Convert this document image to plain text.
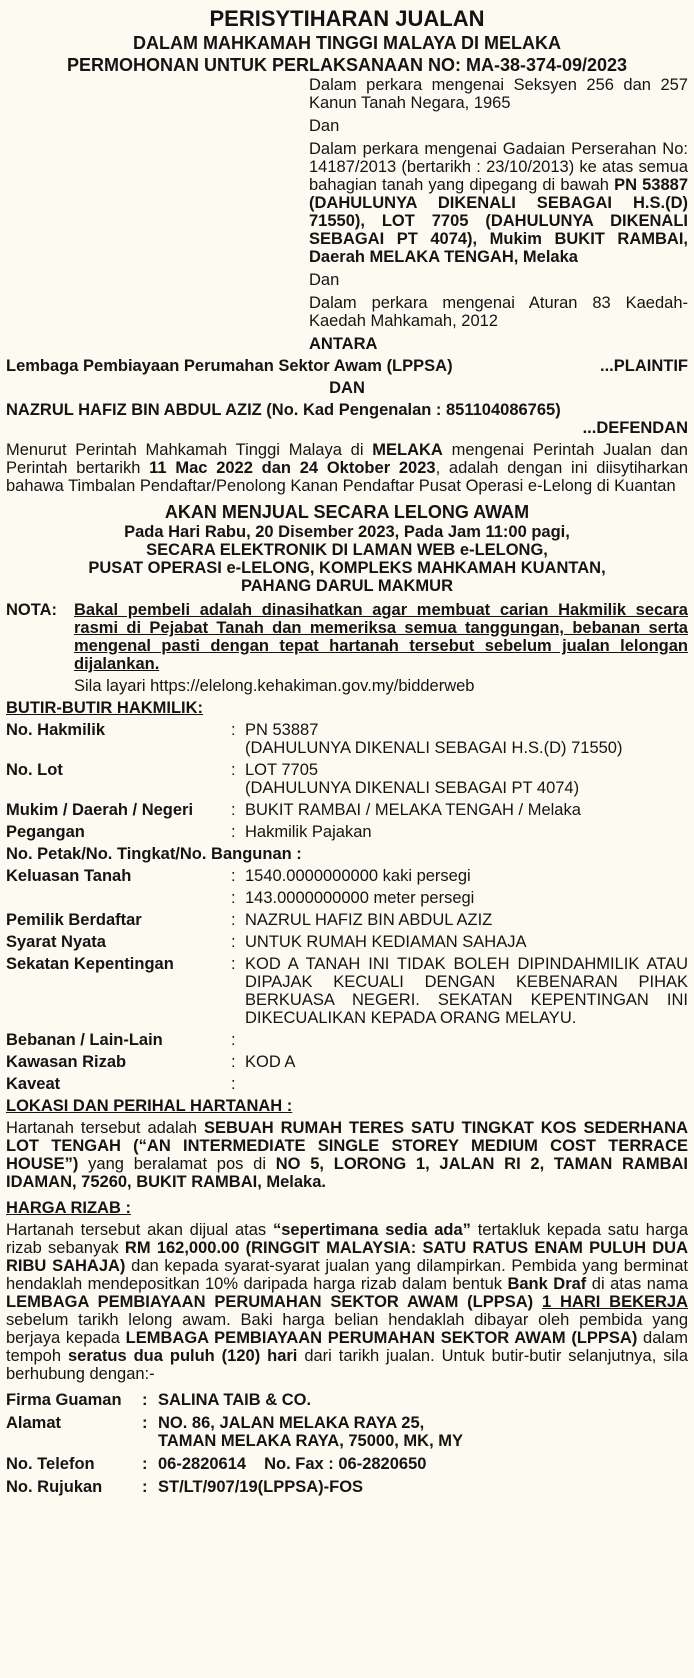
PERISYTIHARAN JUALAN
DALAM MAHKAMAH TINGGI MALAYA DI MELAKA
PERMOHONAN UNTUK PERLAKSANAAN NO: MA-38-374-09/2023

Dalam perkara mengenai Seksyen 256 dan 257 Kanun Tanah Negara, 1965

Dan

Dalam perkara mengenai Gadaian Perserahan No: 14187/2013 (bertarikh : 23/10/2013) ke atas semua bahagian tanah yang dipegang di bawah PN 53887 (DAHULUNYA DIKENALI SEBAGAI H.S.(D) 71550), LOT 7705 (DAHULUNYA DIKENALI SEBAGAI PT 4074), Mukim BUKIT RAMBAI, Daerah MELAKA TENGAH, Melaka

Dan

Dalam perkara mengenai Aturan 83 Kaedah-Kaedah Mahkamah, 2012

ANTARA
Lembaga Pembiayaan Perumahan Sektor Awam (LPPSA)	...PLAINTIF
DAN
NAZRUL HAFIZ BIN ABDUL AZIZ (No. Kad Pengenalan : 851104086765)
...DEFENDAN
Menurut Perintah Mahkamah Tinggi Malaya di MELAKA mengenai Perintah Jualan dan Perintah bertarikh 11 Mac 2022 dan 24 Oktober 2023, adalah dengan ini diisytiharkan bahawa Timbalan Pendaftar/Penolong Kanan Pendaftar Pusat Operasi e-Lelong di Kuantan
AKAN MENJUAL SECARA LELONG AWAM
Pada Hari Rabu, 20 Disember 2023, Pada Jam 11:00 pagi,
SECARA ELEKTRONIK DI LAMAN WEB e-LELONG,
PUSAT OPERASI e-LELONG, KOMPLEKS MAHKAMAH KUANTAN,
PAHANG DARUL MAKMUR
NOTA:	Bakal pembeli adalah dinasihatkan agar membuat carian Hakmilik secara rasmi di Pejabat Tanah dan memeriksa semua tanggungan, bebanan serta mengenal pasti dengan tepat hartanah tersebut sebelum jualan lelongan dijalankan.
Sila layari https://elelong.kehakiman.gov.my/bidderweb
BUTIR-BUTIR HAKMILIK:
No. Hakmilik	: PN 53887
(DAHULUNYA DIKENALI SEBAGAI H.S.(D) 71550)
No. Lot	: LOT 7705
(DAHULUNYA DIKENALI SEBAGAI PT 4074)
Mukim / Daerah / Negeri	: BUKIT RAMBAI / MELAKA TENGAH / Melaka
Pegangan	: Hakmilik Pajakan
No. Petak/No. Tingkat/No. Bangunan :
Keluasan Tanah	: 1540.0000000000 kaki persegi
: 143.0000000000 meter persegi
Pemilik Berdaftar	: NAZRUL HAFIZ BIN ABDUL AZIZ
Syarat Nyata	: UNTUK RUMAH KEDIAMAN SAHAJA
Sekatan Kepentingan	: KOD A TANAH INI TIDAK BOLEH DIPINDAHMILIK ATAU DIPAJAK KECUALI DENGAN KEBENARAN PIHAK BERKUASA NEGERI. SEKATAN KEPENTINGAN INI DIKECUALIKAN KEPADA ORANG MELAYU.
Bebanan / Lain-Lain	:
Kawasan Rizab	: KOD A
Kaveat	:
LOKASI DAN PERIHAL HARTANAH :
Hartanah tersebut adalah SEBUAH RUMAH TERES SATU TINGKAT KOS SEDERHANA LOT TENGAH (“AN INTERMEDIATE SINGLE STOREY MEDIUM COST TERRACE HOUSE”) yang beralamat pos di NO 5, LORONG 1, JALAN RI 2, TAMAN RAMBAI IDAMAN, 75260, BUKIT RAMBAI, Melaka.
HARGA RIZAB :
Hartanah tersebut akan dijual atas “sepertimana sedia ada” tertakluk kepada satu harga rizab sebanyak RM 162,000.00 (RINGGIT MALAYSIA: SATU RATUS ENAM PULUH DUA RIBU SAHAJA) dan kepada syarat-syarat jualan yang dilampirkan. Pembida yang berminat hendaklah mendepositkan 10% daripada harga rizab dalam bentuk Bank Draf di atas nama LEMBAGA PEMBIAYAAN PERUMAHAN SEKTOR AWAM (LPPSA) 1 HARI BEKERJA sebelum tarikh lelong awam. Baki harga belian hendaklah dibayar oleh pembida yang berjaya kepada LEMBAGA PEMBIAYAAN PERUMAHAN SEKTOR AWAM (LPPSA) dalam tempoh seratus dua puluh (120) hari dari tarikh jualan. Untuk butir-butir selanjutnya, sila berhubung dengan:-
Firma Guaman	: SALINA TAIB & CO.
Alamat	: NO. 86, JALAN MELAKA RAYA 25,
TAMAN MELAKA RAYA, 75000, MK, MY
No. Telefon	: 06-2820614 No. Fax : 06-2820650
No. Rujukan	: ST/LT/907/19(LPPSA)-FOS
